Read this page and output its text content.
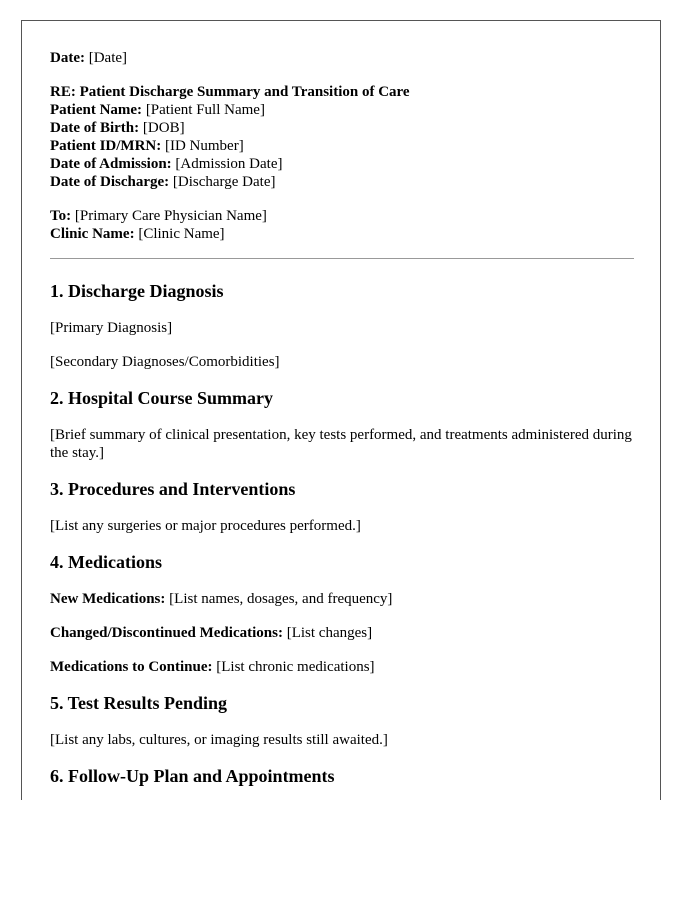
Date: [Date]

RE: Patient Discharge Summary and Transition of Care

Patient Name: [Patient Full Name]

Date of Birth: [DOB]

Patient ID/MRN: [ID Number]

Date of Admission: [Admission Date]

Date of Discharge: [Discharge Date]

To: [Primary Care Physician Name]

Clinic Name: [Clinic Name]

1. Discharge Diagnosis

[Primary Diagnosis]

[Secondary Diagnoses/Comorbidities]

2. Hospital Course Summary

[Brief summary of clinical presentation, key tests performed, and treatments administered during the stay.]

3. Procedures and Interventions

[List any surgeries or major procedures performed.]

4. Medications

New Medications: [List names, dosages, and frequency]

Changed/Discontinued Medications: [List changes]

Medications to Continue: [List chronic medications]

5. Test Results Pending

[List any labs, cultures, or imaging results still awaited.]

6. Follow-Up Plan and Appointments
